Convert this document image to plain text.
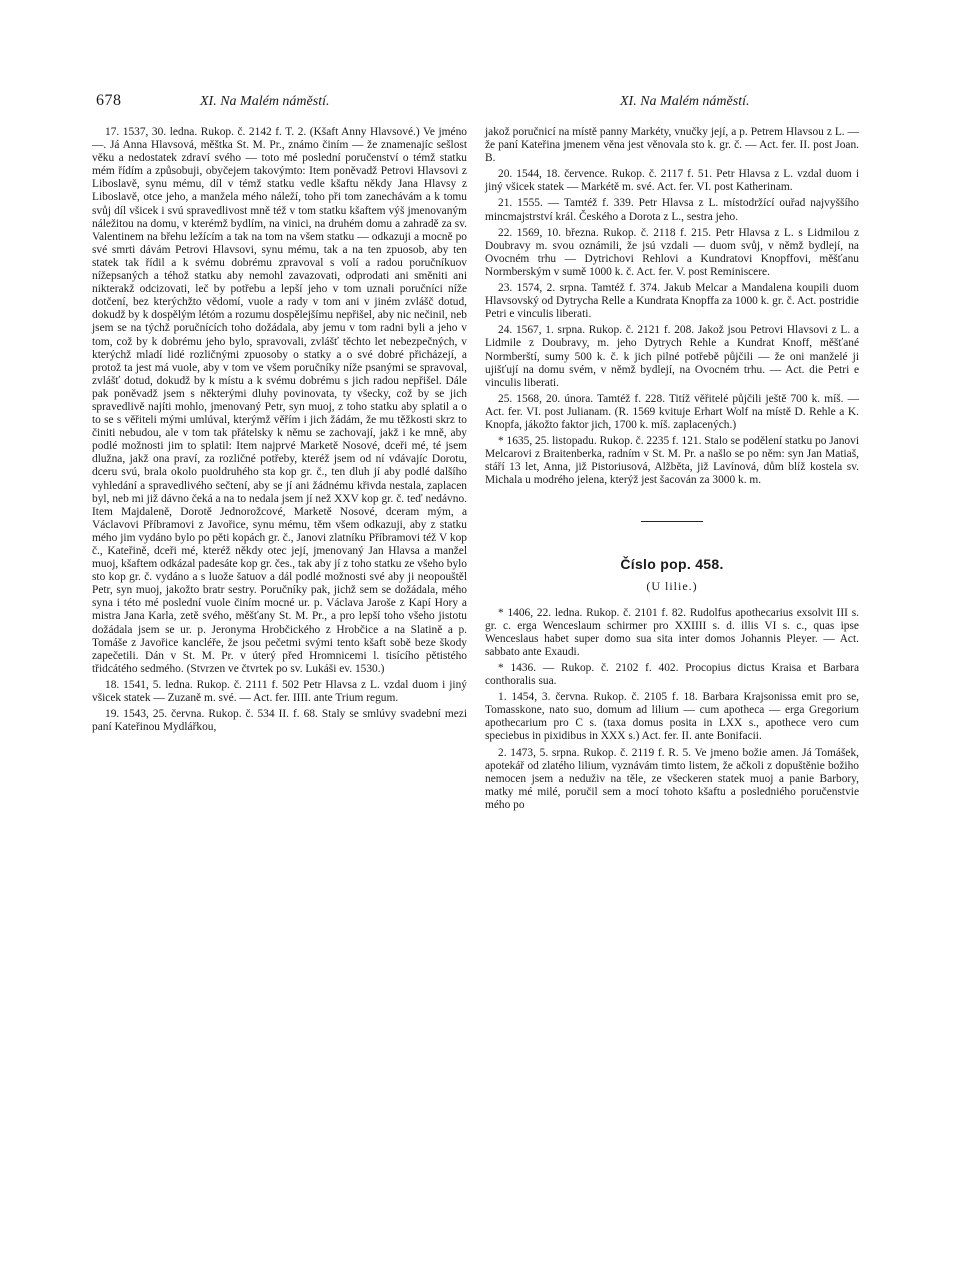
678	XI. Na Malém náměstí.	XI. Na Malém náměstí.

17. 1537, 30. ledna. Rukop. č. 2142 f. T. 2. (Kšaft Anny Hlavsové.) Ve jméno —. Já Anna Hlavsová, měštka St. M. Pr., známo činím — že znamenajíc sešlost věku a nedostatek zdraví svého — toto mé poslední poručenství o témž statku mém řídím a způsobuji, obyčejem takovýmto: Item poněvadž Petrovi Hlavsovi z Liboslavě, synu mému, díl v témž statku vedle kšaftu někdy Jana Hlavsy z Liboslavě, otce jeho, a manžela mého náleží, toho při tom zanechávám a k tomu svůj díl všicek i svú spravedlivost mně též v tom statku kšaftem výš jmenovaným náležitou na domu, v kterémž bydlím, na vinici, na druhém domu a zahradě za sv. Valentinem na břehu ležícím a tak na tom na všem statku — odkazuji a mocně po své smrti dávám Petrovi Hlavsovi, synu mému, tak a na ten zpuosob, aby ten statek tak řídil a k svému dobrému zpravoval s volí a radou poručníkuov nížepsaných a téhož statku aby nemohl zavazovati, odprodati ani směniti ani nikterakž odcizovati, leč by potřebu a lepší jeho v tom uznali poručníci níže dotčení, bez kterýchžto vědomí, vuole a rady v tom ani v jiném zvlášč dotud, dokudž by k dospělým létóm a rozumu dospělejšímu nepřišel, aby nic nečinil, neb jsem se na týchž poručnících toho dožádala, aby jemu v tom radni byli a jeho v tom, což by k dobrému jeho bylo, spravovali, zvlášť těchto let nebezpečných, v kterýchž mladí lidé rozličnými zpuosoby o statky a o své dobré přicházejí, a protož ta jest má vuole, aby v tom ve všem poručníky níže psanými se spravoval, zvlášť dotud, dokudž by k místu a k svému dobrému s jich radou nepřišel. Dále pak poněvadž jsem s některými dluhy povinovata, ty všecky, což by se jich spravedlivě najíti mohlo, jmenovaný Petr, syn muoj, z toho statku aby splatil a o to se s věřiteli mými umlúval, kterýmž věřím i jich žádám, že mu těžkosti skrz to činiti nebudou, ale v tom tak přátelsky k němu se zachovají, jakž i ke mně, aby podlé možnosti jim to splatil: Item najprvé Marketě Nosové, dceři mé, té jsem dlužna, jakž ona praví, za rozličné potřeby, kteréž jsem od ní vdávajíc Dorotu, dceru svú, brala okolo puoldruhého sta kop gr. č., ten dluh jí aby podlé dalšího vyhledání a spravedlivého sečtení, aby se jí ani žádnému křivda nestala, zaplacen byl, neb mi již dávno čeká a na to nedala jsem jí než XXV kop gr. č. teď nedávno. Item Majdaleně, Dorotě Jednorožcové, Marketě Nosové, dceram mým, a Václavovi Příbramovi z Javořice, synu mému, těm všem odkazuji, aby z statku mého jim vydáno bylo po pěti kopách gr. č., Janovi zlatníku Příbramovi též V kop č., Kateřině, dceři mé, kteréž někdy otec její, jmenovaný Jan Hlavsa a manžel muoj, kšaftem odkázal padesáte kop gr. čes., tak aby jí z toho statku ze všeho bylo sto kop gr. č. vydáno a s luože šatuov a dál podlé možnosti své aby ji neopouštěl Petr, syn muoj, jakožto bratr sestry. Poručníky pak, jichž sem se dožádala, mého syna i této mé poslední vuole činím mocné ur. p. Václava Jaroše z Kapí Hory a mistra Jana Karla, zetě svého, měšťany St. M. Pr., a pro lepší toho všeho jistotu dožádala jsem se ur. p. Jeronyma Hrobčického z Hrobčice a na Slatině a p. Tomáše z Javořice kancléře, že jsou pečetmi svými tento kšaft sobě beze škody zapečetili. Dán v St. M. Pr. v úterý před Hromnicemi l. tisícího pětistého třidcátého sedmého. (Stvrzen ve čtvrtek po sv. Lukáši ev. 1530.)

18. 1541, 5. ledna. Rukop. č. 2111 f. 502 Petr Hlavsa z L. vzdal duom i jiný všicek statek — Zuzaně m. své. — Act. fer. IIII. ante Trium regum.

19. 1543, 25. června. Rukop. č. 534 II. f. 68. Staly se smlúvy svadební mezi paní Kateřinou Mydlářkou,

jakož poručnicí na místě panny Markéty, vnučky její, a p. Petrem Hlavsou z L. — že paní Kateřina jmenem věna jest věnovala sto k. gr. č. — Act. fer. II. post Joan. B.

20. 1544, 18. července. Rukop. č. 2117 f. 51. Petr Hlavsa z L. vzdal duom i jiný všicek statek — Markétě m. své. Act. fer. VI. post Katherinam.

21. 1555. — Tamtéž f. 339. Petr Hlavsa z L. místodržící ouřad najvyššího mincmajstrství král. Českého a Dorota z L., sestra jeho.

22. 1569, 10. března. Rukop. č. 2118 f. 215. Petr Hlavsa z L. s Lidmilou z Doubravy m. svou oznámili, že jsú vzdali — duom svůj, v němž bydlejí, na Ovocném trhu — Dytrichovi Rehlovi a Kundratovi Knopffovi, měšťanu Normberským v sumě 1000 k. č. Act. fer. V. post Reminiscere.

23. 1574, 2. srpna. Tamtéž f. 374. Jakub Melcar a Mandalena koupili duom Hlavsovský od Dytrycha Relle a Kundrata Knopffa za 1000 k. gr. č. Act. postridie Petri e vinculis liberati.

24. 1567, 1. srpna. Rukop. č. 2121 f. 208. Jakož jsou Petrovi Hlavsovi z L. a Lidmile z Doubravy, m. jeho Dytrych Rehle a Kundrat Knoff, měšťané Normberští, sumy 500 k. č. k jich pilné potřebě půjčili — že oni manželé ji ujišťují na domu svém, v němž bydlejí, na Ovocném trhu. — Act. die Petri e vinculis liberati.

25. 1568, 20. února. Tamtéž f. 228. Titíž věřitelé půjčili ještě 700 k. míš. — Act. fer. VI. post Julianam. (R. 1569 kvituje Erhart Wolf na místě D. Rehle a K. Knopfa, jákožto faktor jich, 1700 k. míš. zaplacených.)

* 1635, 25. listopadu. Rukop. č. 2235 f. 121. Stalo se podělení statku po Janovi Melcarovi z Braitenberka, radním v St. M. Pr. a našlo se po něm: syn Jan Matiaš, stáří 13 let, Anna, již Pistoriusová, Alžběta, již Lavínová, dům blíž kostela sv. Michala u modrého jelena, kterýž jest šacován za 3000 k. m.

Číslo pop. 458.
(U lilie.)

* 1406, 22. ledna. Rukop. č. 2101 f. 82. Rudolfus apothecarius exsolvit III s. gr. c. erga Wenceslaum schirmer pro XXIIII s. d. illis VI s. c., quas ipse Wenceslaus habet super domo sua sita inter domos Johannis Pleyer. — Act. sabbato ante Exaudi.

* 1436. — Rukop. č. 2102 f. 402. Procopius dictus Kraisa et Barbara conthoralis sua.

1. 1454, 3. června. Rukop. č. 2105 f. 18. Barbara Krajsonissa emit pro se, Tomasskone, nato suo, domum ad lilium — cum apotheca — erga Gregorium apothecarium pro C s. (taxa domus posita in LXX s., apothece vero cum speciebus in pixidibus in XXX s.) Act. fer. II. ante Bonifacii.

2. 1473, 5. srpna. Rukop. č. 2119 f. R. 5. Ve jmeno božie amen. Já Tomášek, apotekář od zlatého lilium, vyznávám timto listem, že ačkoli z dopuštěnie božiho nemocen jsem a neduživ na těle, ze všeckeren statek muoj a panie Barbory, matky mé milé, poručil sem a mocí tohoto kšaftu a posledniého poručenstvie mého po
